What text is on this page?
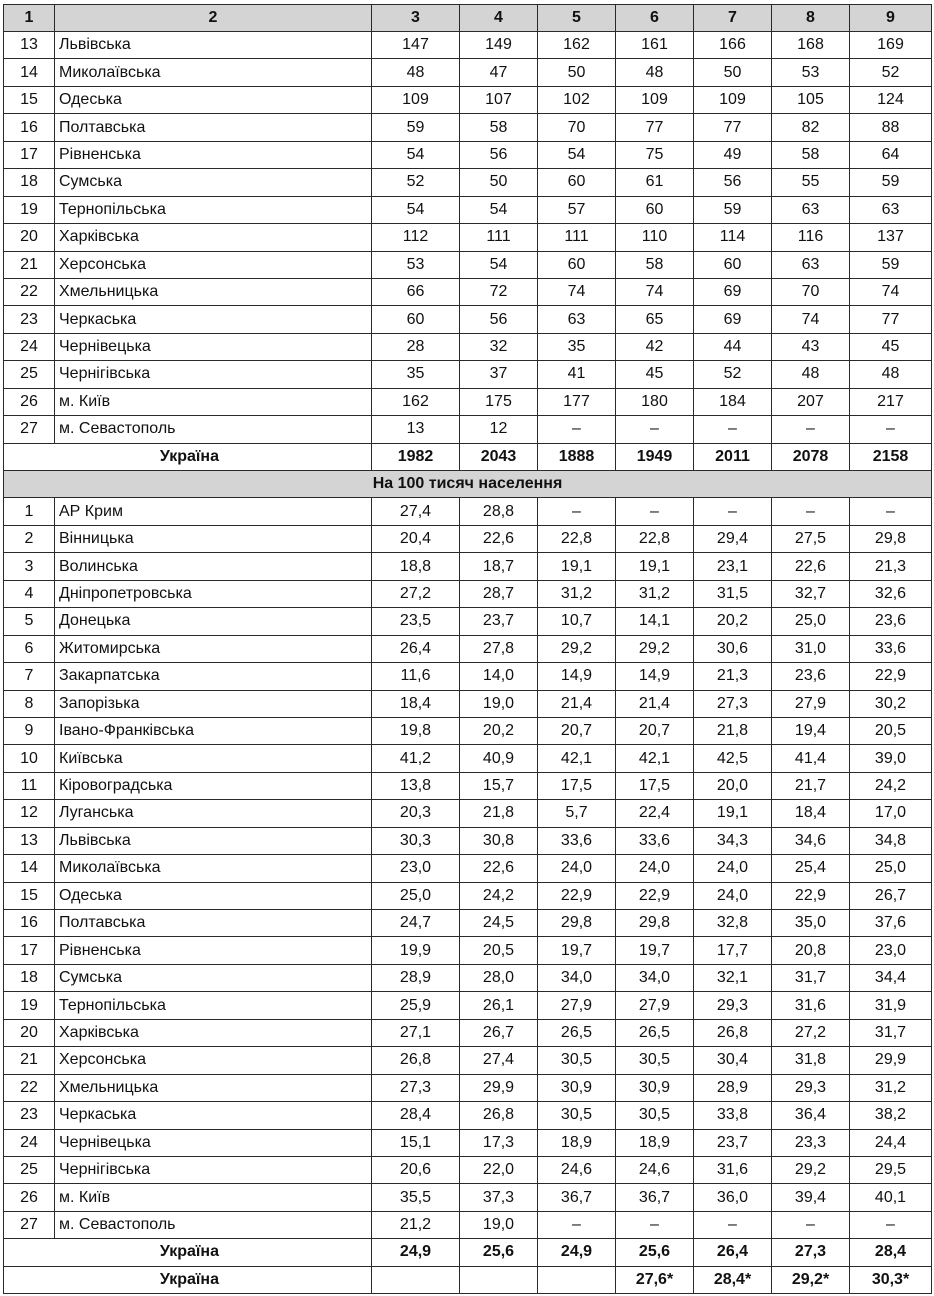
1	2	3	4	5	6	7	8	9
13	Львівська	147	149	162	161	166	168	169
14	Миколаївська	48	47	50	48	50	53	52
15	Одеська	109	107	102	109	109	105	124
16	Полтавська	59	58	70	77	77	82	88
17	Рівненська	54	56	54	75	49	58	64
18	Сумська	52	50	60	61	56	55	59
19	Тернопільська	54	54	57	60	59	63	63
20	Харківська	112	111	111	110	114	116	137
21	Херсонська	53	54	60	58	60	63	59
22	Хмельницька	66	72	74	74	69	70	74
23	Черкаська	60	56	63	65	69	74	77
24	Чернівецька	28	32	35	42	44	43	45
25	Чернігівська	35	37	41	45	52	48	48
26	м. Київ	162	175	177	180	184	207	217
27	м. Севастополь	13	12	–	–	–	–	–
Україна		1982	2043	1888	1949	2011	2078	2158
На 100 тисяч населення								
1	АР Крим	27,4	28,8	–	–	–	–	–
2	Вінницька	20,4	22,6	22,8	22,8	29,4	27,5	29,8
3	Волинська	18,8	18,7	19,1	19,1	23,1	22,6	21,3
4	Дніпропетровська	27,2	28,7	31,2	31,2	31,5	32,7	32,6
5	Донецька	23,5	23,7	10,7	14,1	20,2	25,0	23,6
6	Житомирська	26,4	27,8	29,2	29,2	30,6	31,0	33,6
7	Закарпатська	11,6	14,0	14,9	14,9	21,3	23,6	22,9
8	Запорізька	18,4	19,0	21,4	21,4	27,3	27,9	30,2
9	Івано-Франківська	19,8	20,2	20,7	20,7	21,8	19,4	20,5
10	Київська	41,2	40,9	42,1	42,1	42,5	41,4	39,0
11	Кіровоградська	13,8	15,7	17,5	17,5	20,0	21,7	24,2
12	Луганська	20,3	21,8	5,7	22,4	19,1	18,4	17,0
13	Львівська	30,3	30,8	33,6	33,6	34,3	34,6	34,8
14	Миколаївська	23,0	22,6	24,0	24,0	24,0	25,4	25,0
15	Одеська	25,0	24,2	22,9	22,9	24,0	22,9	26,7
16	Полтавська	24,7	24,5	29,8	29,8	32,8	35,0	37,6
17	Рівненська	19,9	20,5	19,7	19,7	17,7	20,8	23,0
18	Сумська	28,9	28,0	34,0	34,0	32,1	31,7	34,4
19	Тернопільська	25,9	26,1	27,9	27,9	29,3	31,6	31,9
20	Харківська	27,1	26,7	26,5	26,5	26,8	27,2	31,7
21	Херсонська	26,8	27,4	30,5	30,5	30,4	31,8	29,9
22	Хмельницька	27,3	29,9	30,9	30,9	28,9	29,3	31,2
23	Черкаська	28,4	26,8	30,5	30,5	33,8	36,4	38,2
24	Чернівецька	15,1	17,3	18,9	18,9	23,7	23,3	24,4
25	Чернігівська	20,6	22,0	24,6	24,6	31,6	29,2	29,5
26	м. Київ	35,5	37,3	36,7	36,7	36,0	39,4	40,1
27	м. Севастополь	21,2	19,0	–	–	–	–	–
Україна		24,9	25,6	24,9	25,6	26,4	27,3	28,4
Україна					27,6*	28,4*	29,2*	30,3*
